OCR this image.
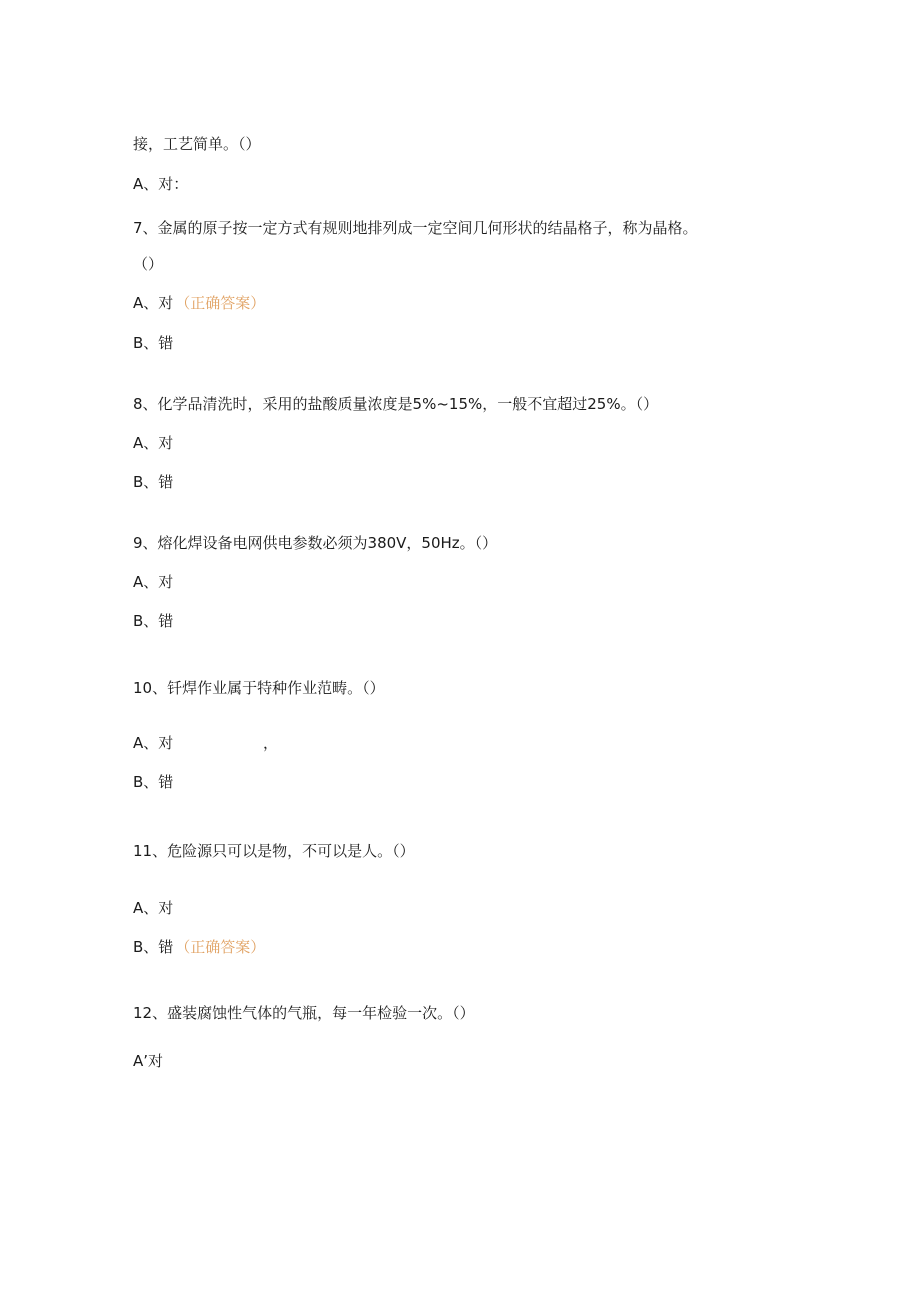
接，工艺简单。（）
A、对：
7、金属的原子按一定方式有规则地排列成一定空间几何形状的结晶格子，称为晶格。
（）
A、对 （正确答案）
B、错
8、化学品清洗时，采用的盐酸质量浓度是5%~15%，一般不宜超过25%。（）
A、对
B、错
9、熔化焊设备电网供电参数必须为380V，50Hz。（）
A、对
B、错
10、钎焊作业属于特种作业范畴。（）
A、对	，
B、错
11、危险源只可以是物，不可以是人。（）
A、对
B、错 （正确答案）
12、盛装腐蚀性气体的气瓶，每一年检验一次。（）
A’对
